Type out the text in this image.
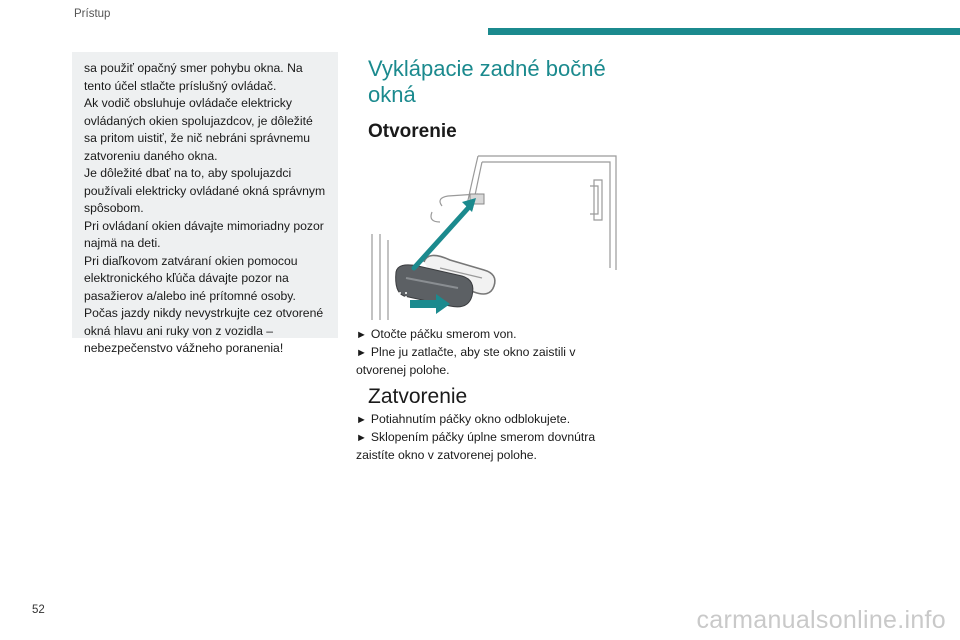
Prístup
sa použiť opačný smer pohybu okna. Na
tento účel stlačte príslušný ovládač.
Ak vodič obsluhuje ovládače elektricky
ovládaných okien spolujazdcov, je dôležité
sa pritom uistiť, že nič nebráni správnemu
zatvoreniu daného okna.
Je dôležité dbať na to, aby spolujazdci
používali elektricky ovládané okná správnym
spôsobom.
Pri ovládaní okien dávajte mimoriadny pozor
najmä na deti.
Pri diaľkovom zatváraní okien pomocou
elektronického kľúča dávajte pozor na
pasažierov a/alebo iné prítomné osoby.
Počas jazdy nikdy nevystrkujte cez otvorené
okná hlavu ani ruky von z vozidla –
nebezpečenstvo vážneho poranenia!
Vyklápacie zadné bočné
okná
Otvorenie
► Otočte páčku smerom von.
► Plne ju zatlačte, aby ste okno zaistili v
otvorenej polohe.
Zatvorenie
► Potiahnutím páčky okno odblokujete.
► Sklopením páčky úplne smerom dovnútra
zaistíte okno v zatvorenej polohe.
52	carmanualsonline.info
